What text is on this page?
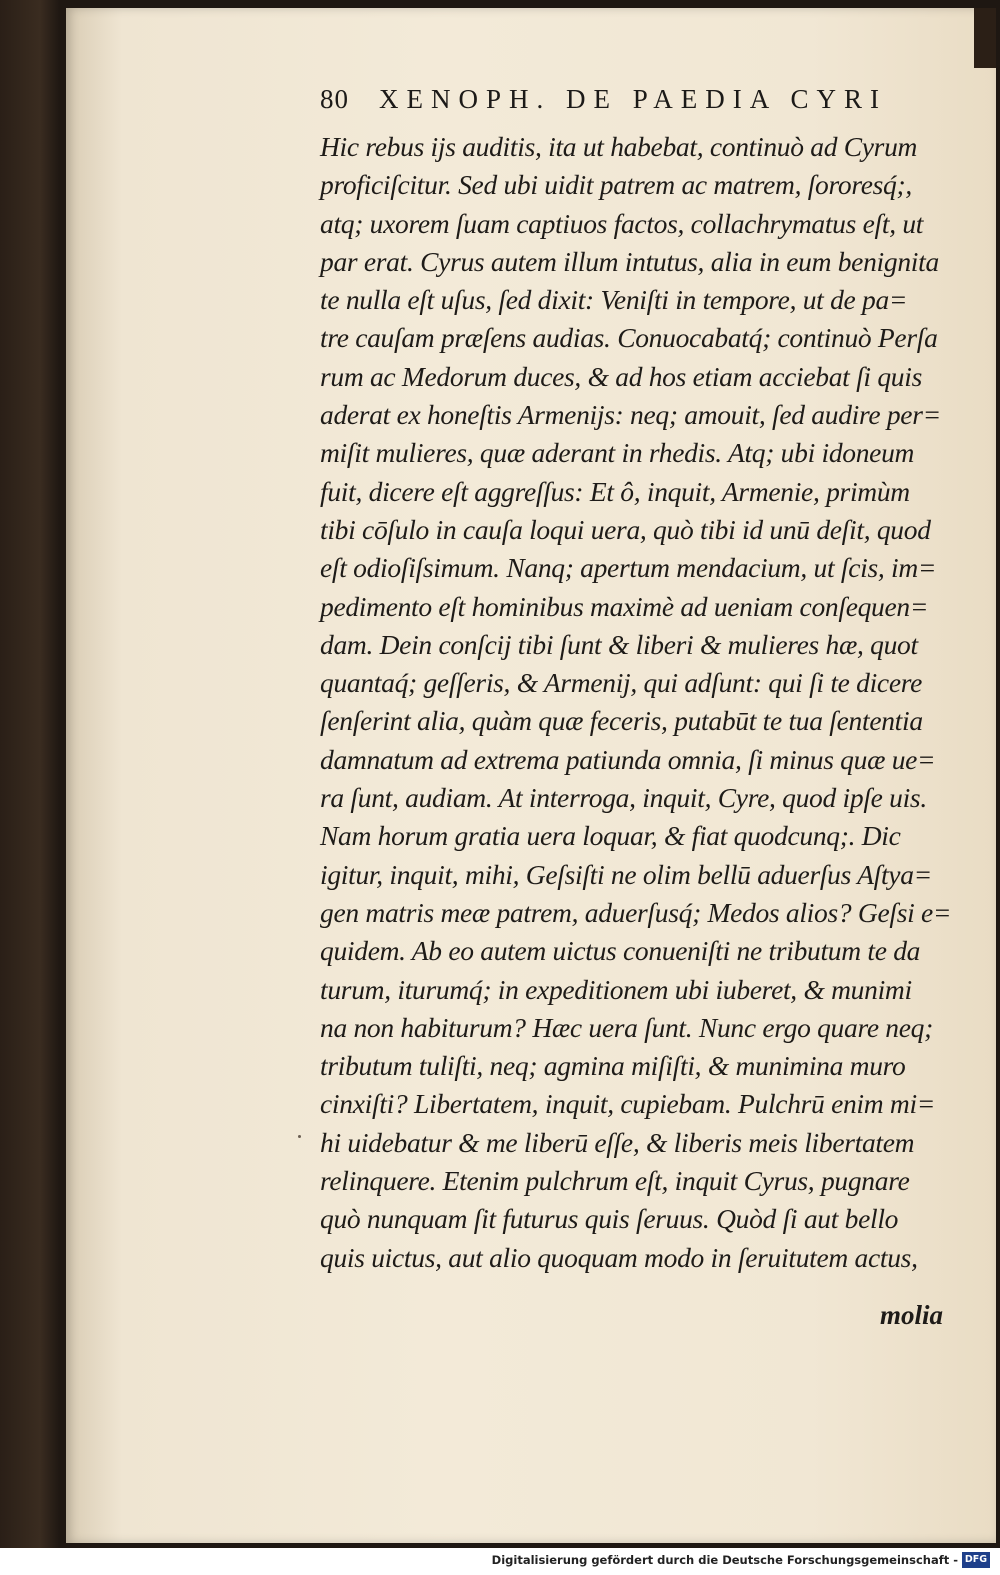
80 XENOPH. DE PAEDIA CYRI
Hic rebus ijs auditis, ita ut habebat, continuò ad Cyrum
proficiſcitur. Sed ubi uidit patrem ac matrem, ſororesq́;,
atq; uxorem ſuam captiuos factos, collachrymatus eſt, ut
par erat. Cyrus autem illum intutus, alia in eum benignita
te nulla eſt uſus, ſed dixit: Veniſti in tempore, ut de pa=
tre cauſam præſens audias. Conuocabatq́; continuò Perſa
rum ac Medorum duces, & ad hos etiam acciebat ſi quis
aderat ex honeſtis Armenijs: neq; amouit, ſed audire per=
miſit mulieres, quæ aderant in rhedis. Atq; ubi idoneum
fuit, dicere eſt aggreſſus: Et ô, inquit, Armenie, primùm
tibi cōſulo in cauſa loqui uera, quò tibi id unū deſit, quod
eſt odioſiſsimum. Nanq; apertum mendacium, ut ſcis, im=
pedimento eſt hominibus maximè ad ueniam conſequen=
dam. Dein conſcij tibi ſunt & liberi & mulieres hæ, quot
quantaq́; geſſeris, & Armenij, qui adſunt: qui ſi te dicere
ſenſerint alia, quàm quæ feceris, putabūt te tua ſententia
damnatum ad extrema patiunda omnia, ſi minus quæ ue=
ra ſunt, audiam. At interroga, inquit, Cyre, quod ipſe uis.
Nam horum gratia uera loquar, & fiat quodcunq;. Dic
igitur, inquit, mihi, Geſsiſti ne olim bellū aduerſus Aſtya=
gen matris meæ patrem, aduerſusq́; Medos alios? Geſsi e=
quidem. Ab eo autem uictus conueniſti ne tributum te da
turum, iturumq́; in expeditionem ubi iuberet, & munimi
na non habiturum? Hæc uera ſunt. Nunc ergo quare neq;
tributum tuliſti, neq; agmina miſiſti, & munimina muro
cinxiſti? Libertatem, inquit, cupiebam. Pulchrū enim mi=
hi uidebatur & me liberū eſſe, & liberis meis libertatem
relinquere. Etenim pulchrum eſt, inquit Cyrus, pugnare
quò nunquam ſit futurus quis ſeruus. Quòd ſi aut bello
quis uictus, aut alio quoquam modo in ſeruitutem actus,
molia
Digitalisierung gefördert durch die Deutsche Forschungsgemeinschaft - DFG
